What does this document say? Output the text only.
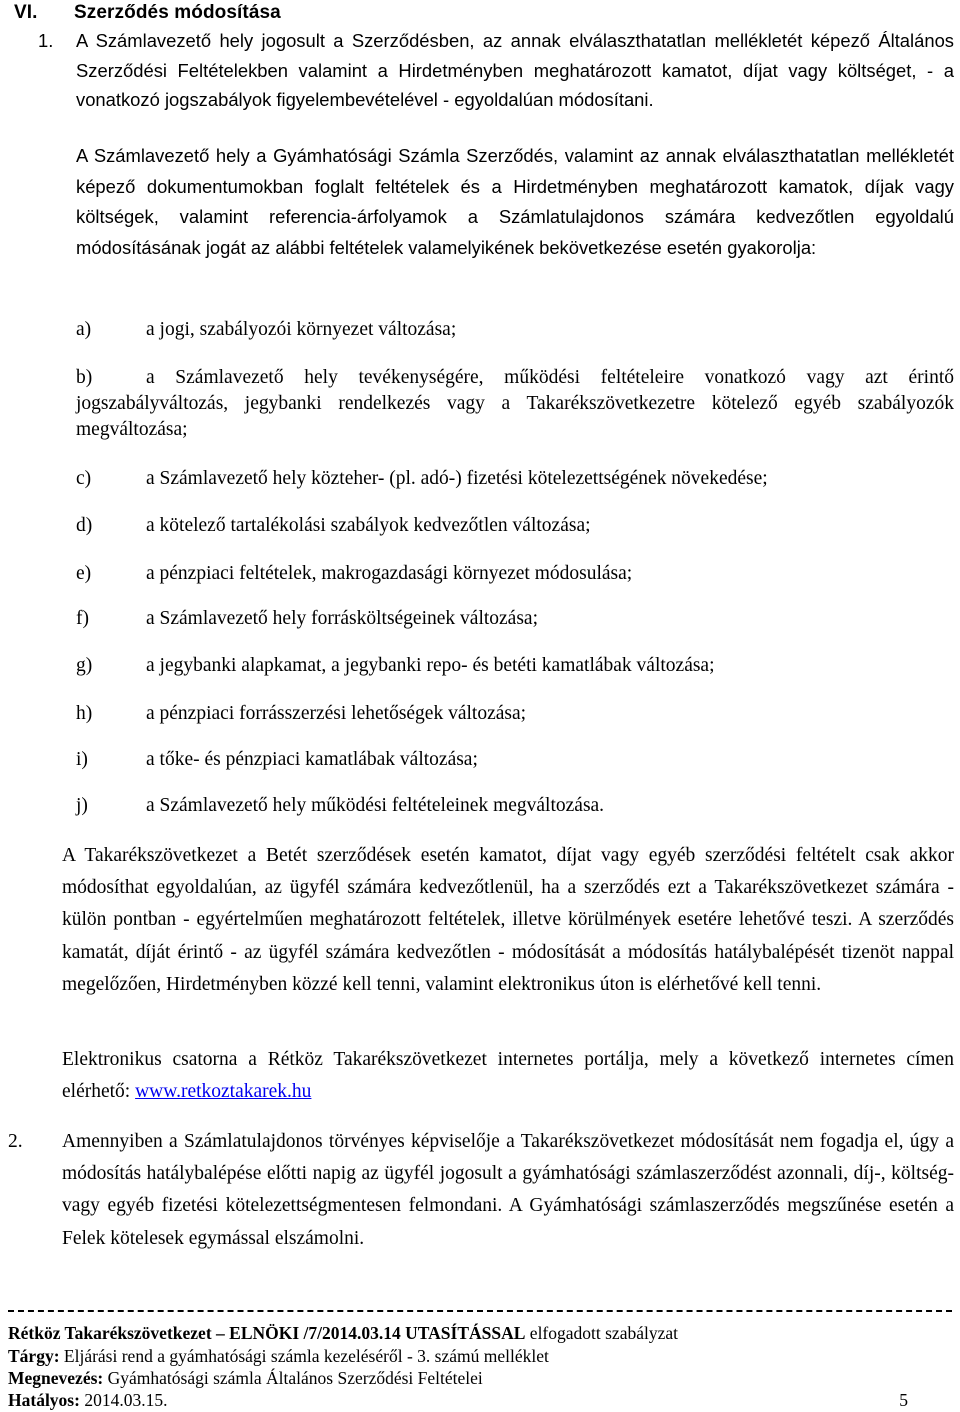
VI. Szerződés módosítása
1. A Számlavezető hely jogosult a Szerződésben, az annak elválaszthatatlan mellékletét képező Általános Szerződési Feltételekben valamint a Hirdetményben meghatározott kamatot, díjat vagy költséget, - a vonatkozó jogszabályok figyelembevételével - egyoldalúan módosítani.
A Számlavezető hely a Gyámhatósági Számla Szerződés, valamint az annak elválaszthatatlan mellékletét képező dokumentumokban foglalt feltételek és a Hirdetményben meghatározott kamatok, díjak vagy költségek, valamint referencia-árfolyamok a Számlatulajdonos számára kedvezőtlen egyoldalú módosításának jogát az alábbi feltételek valamelyikének bekövetkezése esetén gyakorolja:
a)	a jogi, szabályozói környezet változása;
b)	a Számlavezető hely tevékenységére, működési feltételeire vonatkozó vagy azt érintő jogszabályváltozás, jegybanki rendelkezés vagy a Takarékszövetkezetre kötelező egyéb szabályozók megváltozása;
c)	a Számlavezető hely közteher- (pl. adó-) fizetési kötelezettségének növekedése;
d)	a kötelező tartalékolási szabályok kedvezőtlen változása;
e)	a pénzpiaci feltételek, makrogazdasági környezet módosulása;
f)	a Számlavezető hely forrásköltségeinek változása;
g)	a jegybanki alapkamat, a jegybanki repo- és betéti kamatlábak változása;
h)	a pénzpiaci forrásszerzési lehetőségek változása;
i)	a tőke- és pénzpiaci kamatlábak változása;
j)	a Számlavezető hely működési feltételeinek megváltozása.
A Takarékszövetkezet a Betét szerződések esetén kamatot, díjat vagy egyéb szerződési feltételt csak akkor módosíthat egyoldalúan, az ügyfél számára kedvezőtlenül, ha a szerződés ezt a Takarékszövetkezet számára - külön pontban - egyértelműen meghatározott feltételek, illetve körülmények esetére lehetővé teszi. A szerződés kamatát, díját érintő - az ügyfél számára kedvezőtlen - módosítását a módosítás hatálybalépését tizenöt nappal megelőzően, Hirdetményben közzé kell tenni, valamint elektronikus úton is elérhetővé kell tenni.
Elektronikus csatorna a Rétköz Takarékszövetkezet internetes portálja, mely a következő internetes címen elérhető: www.retkoztakarek.hu
2. Amennyiben a Számlatulajdonos törvényes képviselője a Takarékszövetkezet módosítását nem fogadja el, úgy a módosítás hatálybalépése előtti napig az ügyfél jogosult a gyámhatósági számlaszerződést azonnali, díj-, költség- vagy egyéb fizetési kötelezettségmentesen felmondani. A Gyámhatósági számlaszerződés megszűnése esetén a Felek kötelesek egymással elszámolni.
Rétköz Takarékszövetkezet – ELNÖKI /7/2014.03.14 UTASÍTÁSSAL elfogadott szabályzat
Tárgy: Eljárási rend a gyámhatósági számla kezeléséről - 3. számú melléklet
Megnevezés: Gyámhatósági számla Általános Szerződési Feltételei
Hatályos: 2014.03.15.	5
